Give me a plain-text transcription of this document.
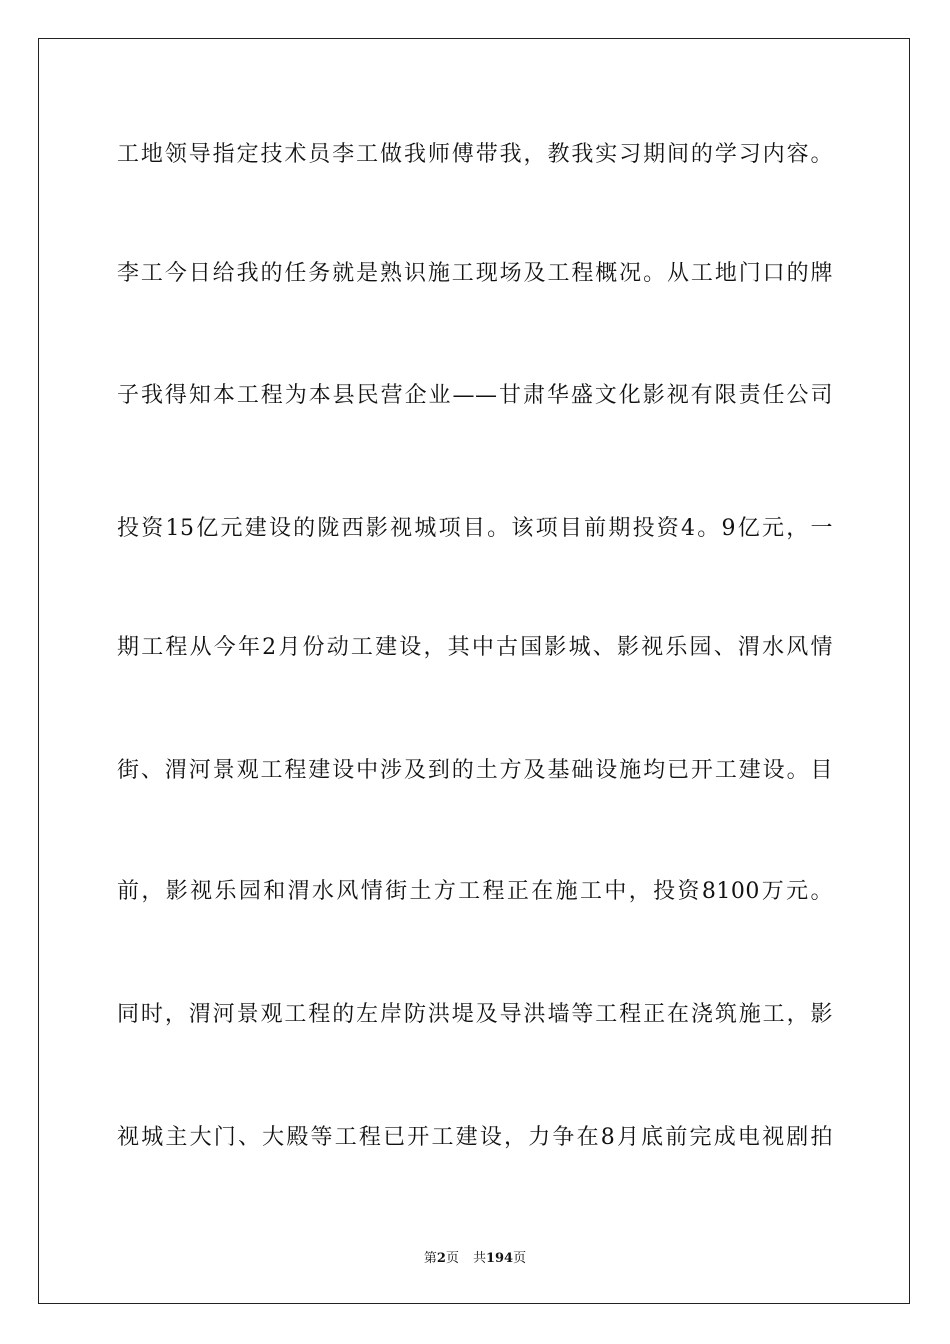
工地领导指定技术员李工做我师傅带我，教我实习期间的学习内容。
李工今日给我的任务就是熟识施工现场及工程概况。从工地门口的牌
子我得知本工程为本县民营企业——甘肃华盛文化影视有限责任公司
投资15亿元建设的陇西影视城项目。该项目前期投资4。9亿元，一
期工程从今年2月份动工建设，其中古国影城、影视乐园、渭水风情
街、渭河景观工程建设中涉及到的土方及基础设施均已开工建设。目
前，影视乐园和渭水风情街土方工程正在施工中，投资8100万元。
同时，渭河景观工程的左岸防洪堤及导洪墙等工程正在浇筑施工，影
视城主大门、大殿等工程已开工建设，力争在8月底前完成电视剧拍
第2页 共194页
